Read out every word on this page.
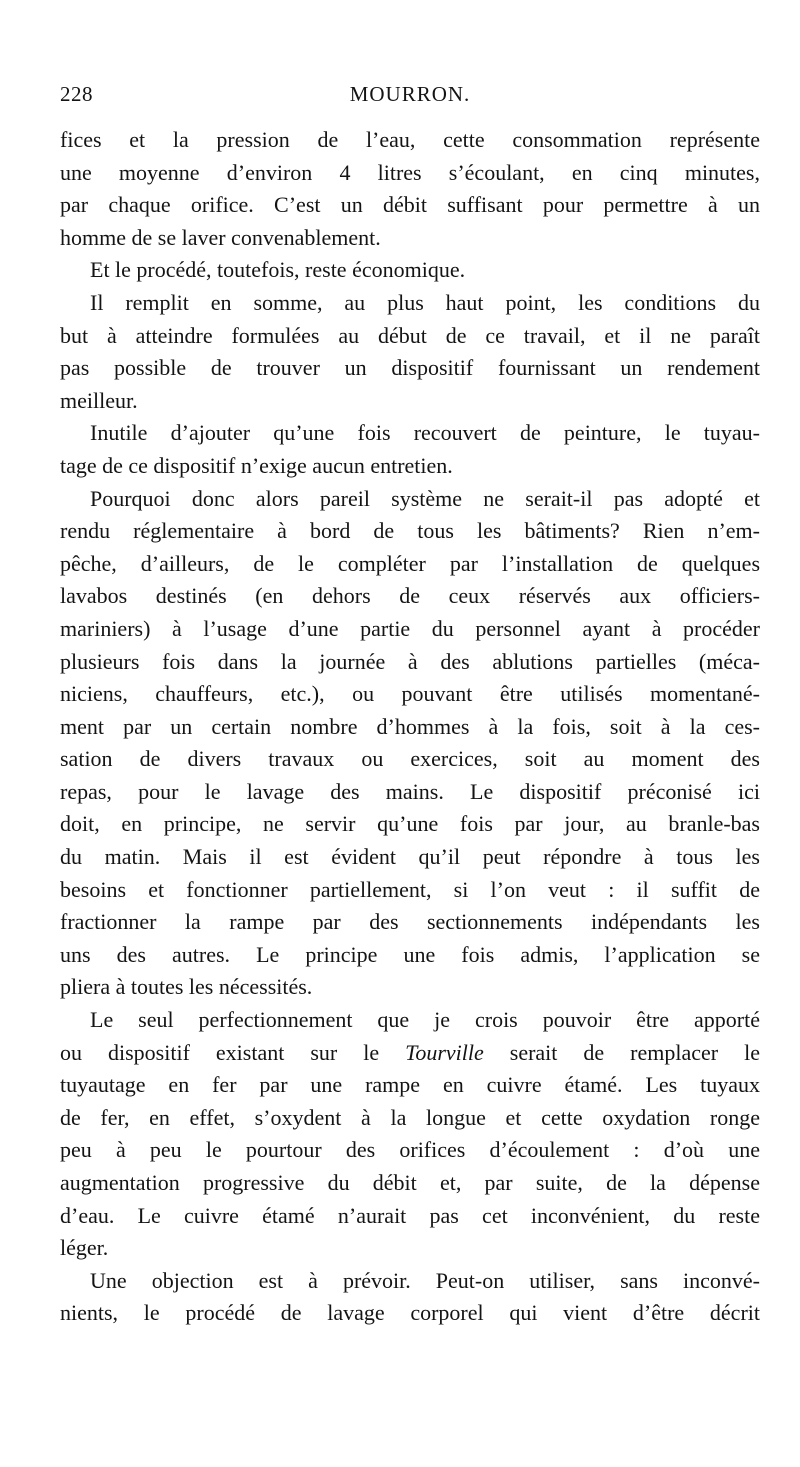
228	MOURRON.
fices et la pression de l’eau, cette consommation représente
une moyenne d’environ 4 litres s’écoulant, en cinq minutes,
par chaque orifice. C’est un débit suffisant pour permettre à un
homme de se laver convenablement.
Et le procédé, toutefois, reste économique.
Il remplit en somme, au plus haut point, les conditions du
but à atteindre formulées au début de ce travail, et il ne paraît
pas possible de trouver un dispositif fournissant un rendement
meilleur.
Inutile d’ajouter qu’une fois recouvert de peinture, le tuyau-
tage de ce dispositif n’exige aucun entretien.
Pourquoi donc alors pareil système ne serait-il pas adopté et
rendu réglementaire à bord de tous les bâtiments? Rien n’em-
pêche, d’ailleurs, de le compléter par l’installation de quelques
lavabos destinés (en dehors de ceux réservés aux officiers-
mariniers) à l’usage d’une partie du personnel ayant à procéder
plusieurs fois dans la journée à des ablutions partielles (méca-
niciens, chauffeurs, etc.), ou pouvant être utilisés momentané-
ment par un certain nombre d’hommes à la fois, soit à la ces-
sation de divers travaux ou exercices, soit au moment des
repas, pour le lavage des mains. Le dispositif préconisé ici
doit, en principe, ne servir qu’une fois par jour, au branle-bas
du matin. Mais il est évident qu’il peut répondre à tous les
besoins et fonctionner partiellement, si l’on veut : il suffit de
fractionner la rampe par des sectionnements indépendants les
uns des autres. Le principe une fois admis, l’application se
pliera à toutes les nécessités.
Le seul perfectionnement que je crois pouvoir être apporté
ou dispositif existant sur le Tourville serait de remplacer le
tuyautage en fer par une rampe en cuivre étamé. Les tuyaux
de fer, en effet, s’oxydent à la longue et cette oxydation ronge
peu à peu le pourtour des orifices d’écoulement : d’où une
augmentation progressive du débit et, par suite, de la dépense
d’eau. Le cuivre étamé n’aurait pas cet inconvénient, du reste
léger.
Une objection est à prévoir. Peut-on utiliser, sans inconvé-
nients, le procédé de lavage corporel qui vient d’être décrit
